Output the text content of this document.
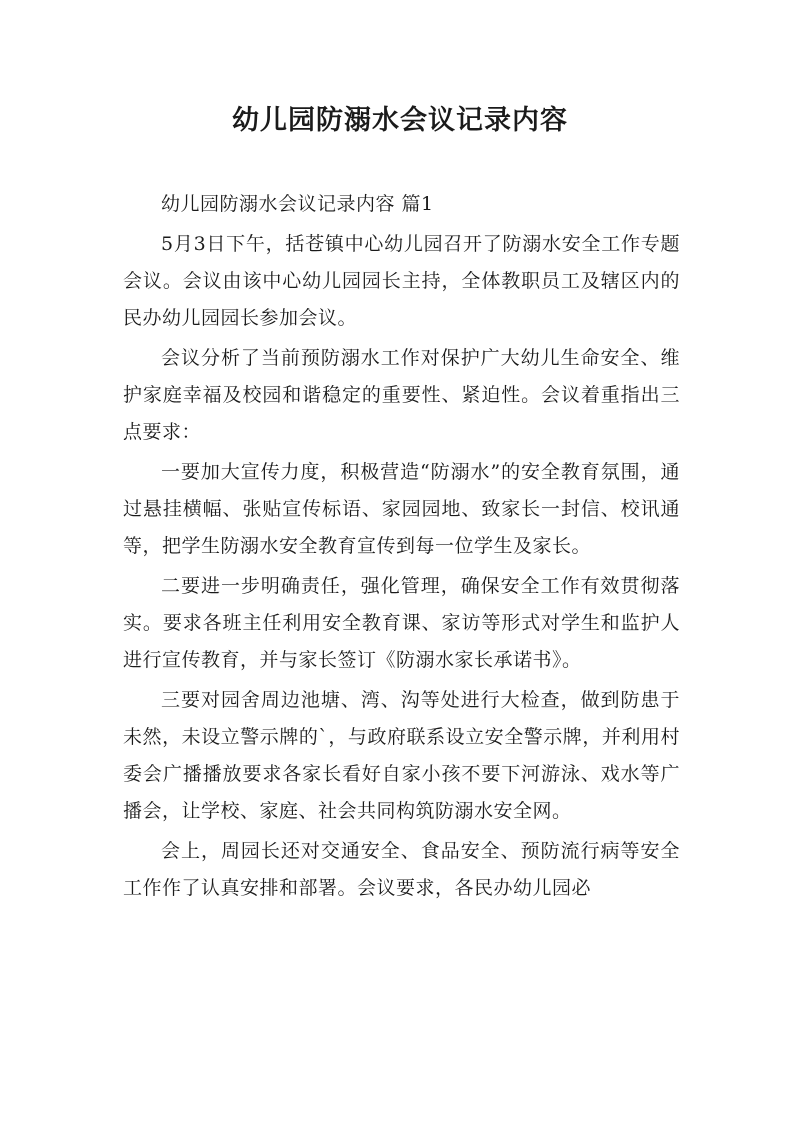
幼儿园防溺水会议记录内容

幼儿园防溺水会议记录内容 篇1

5月3日下午，括苍镇中心幼儿园召开了防溺水安全工作专题会议。会议由该中心幼儿园园长主持，全体教职员工及辖区内的民办幼儿园园长参加会议。

会议分析了当前预防溺水工作对保护广大幼儿生命安全、维护家庭幸福及校园和谐稳定的重要性、紧迫性。会议着重指出三点要求：

一要加大宣传力度，积极营造“防溺水”的安全教育氛围，通过悬挂横幅、张贴宣传标语、家园园地、致家长一封信、校讯通等，把学生防溺水安全教育宣传到每一位学生及家长。

二要进一步明确责任，强化管理，确保安全工作有效贯彻落实。要求各班主任利用安全教育课、家访等形式对学生和监护人进行宣传教育，并与家长签订《防溺水家长承诺书》。

三要对园舍周边池塘、湾、沟等处进行大检查，做到防患于未然，未设立警示牌的`，与政府联系设立安全警示牌，并利用村委会广播播放要求各家长看好自家小孩不要下河游泳、戏水等广播会，让学校、家庭、社会共同构筑防溺水安全网。

会上，周园长还对交通安全、食品安全、预防流行病等安全工作作了认真安排和部署。会议要求，各民办幼儿园必
